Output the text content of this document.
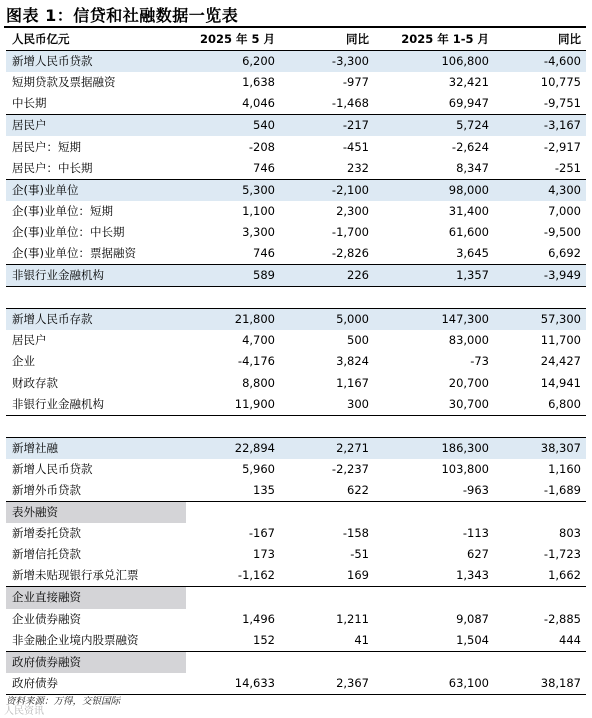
图表 1：信贷和社融数据一览表
人民币亿元	2025 年 5 月	同比	2025 年 1-5 月	同比
新增人民币贷款	6,200	-3,300	106,800	-4,600
短期贷款及票据融资	1,638	-977	32,421	10,775
中长期	4,046	-1,468	69,947	-9,751
居民户	540	-217	5,724	-3,167
居民户：短期	-208	-451	-2,624	-2,917
居民户：中长期	746	232	8,347	-251
企(事)业单位	5,300	-2,100	98,000	4,300
企(事)业单位：短期	1,100	2,300	31,400	7,000
企(事)业单位：中长期	3,300	-1,700	61,600	-9,500
企(事)业单位：票据融资	746	-2,826	3,645	6,692
非银行业金融机构	589	226	1,357	-3,949

新增人民币存款	21,800	5,000	147,300	57,300
居民户	4,700	500	83,000	11,700
企业	-4,176	3,824	-73	24,427
财政存款	8,800	1,167	20,700	14,941
非银行业金融机构	11,900	300	30,700	6,800

新增社融	22,894	2,271	186,300	38,307
新增人民币贷款	5,960	-2,237	103,800	1,160
新增外币贷款	135	622	-963	-1,689
表外融资				
新增委托贷款	-167	-158	-113	803
新增信托贷款	173	-51	627	-1,723
新增未贴现银行承兑汇票	-1,162	169	1,343	1,662
企业直接融资				
企业债券融资	1,496	1,211	9,087	-2,885
非金融企业境内股票融资	152	41	1,504	444
政府债券融资				
政府债券	14,633	2,367	63,100	38,187
资料来源：万得，交银国际
人民资讯
